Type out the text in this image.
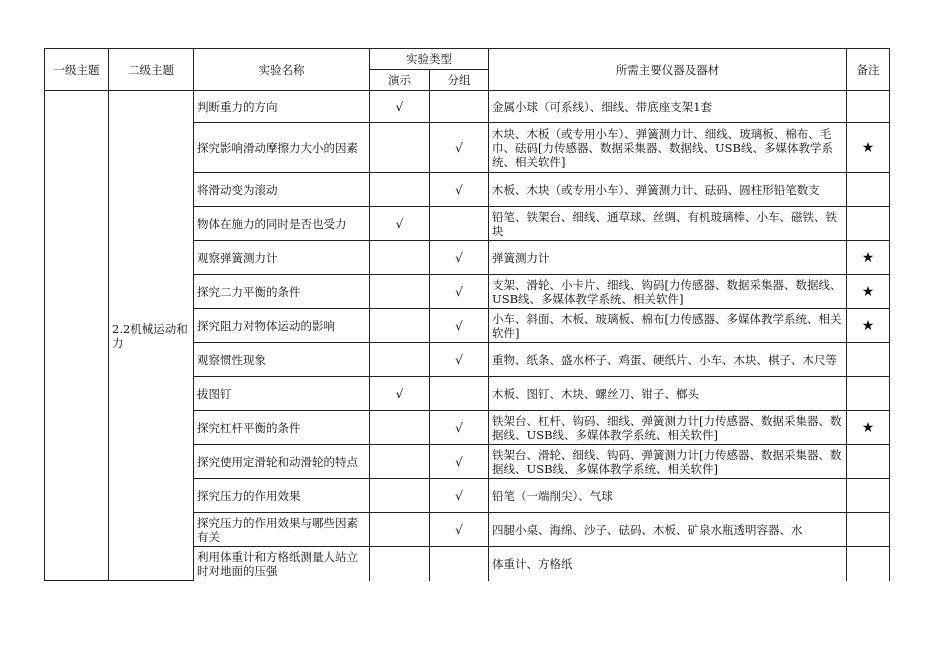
一级主题	二级主题	实验名称	实验类型		所需主要仪器及器材	备注
			演示	分组		
	2.2机械运动和力	判断重力的方向	√		金属小球（可系线）、细线、带底座支架1套	
		探究影响滑动摩擦力大小的因素		√	木块、木板（或专用小车）、弹簧测力计、细线、玻璃板、棉布、毛巾、砝码[力传感器、数据采集器、数据线、USB线、多媒体教学系统、相关软件]	★
		将滑动变为滚动		√	木板、木块（或专用小车）、弹簧测力计、砝码、圆柱形铅笔数支	
		物体在施力的同时是否也受力	√		铅笔、铁架台、细线、通草球、丝绸、有机玻璃棒、小车、磁铁、铁块	
		观察弹簧测力计		√	弹簧测力计	★
		探究二力平衡的条件		√	支架、滑轮、小卡片、细线、钩码[力传感器、数据采集器、数据线、USB线、多媒体教学系统、相关软件]	★
		探究阻力对物体运动的影响		√	小车、斜面、木板、玻璃板、棉布[力传感器、多媒体教学系统、相关软件]	★
		观察惯性现象		√	重物、纸条、盛水杯子、鸡蛋、硬纸片、小车、木块、棋子、木尺等	
		拔图钉	√		木板、图钉、木块、螺丝刀、钳子、榔头	
		探究杠杆平衡的条件		√	铁架台、杠杆、钩码、细线、弹簧测力计[力传感器、数据采集器、数据线、USB线、多媒体教学系统、相关软件]	★
		探究使用定滑轮和动滑轮的特点		√	铁架台、滑轮、细线、钩码、弹簧测力计[力传感器、数据采集器、数据线、USB线、多媒体教学系统、相关软件]	
		探究压力的作用效果		√	铅笔（一端削尖）、气球	
		探究压力的作用效果与哪些因素有关		√	四腿小桌、海绵、沙子、砝码、木板、矿泉水瓶透明容器、水	
		利用体重计和方格纸测量人站立时对地面的压强			体重计、方格纸	
